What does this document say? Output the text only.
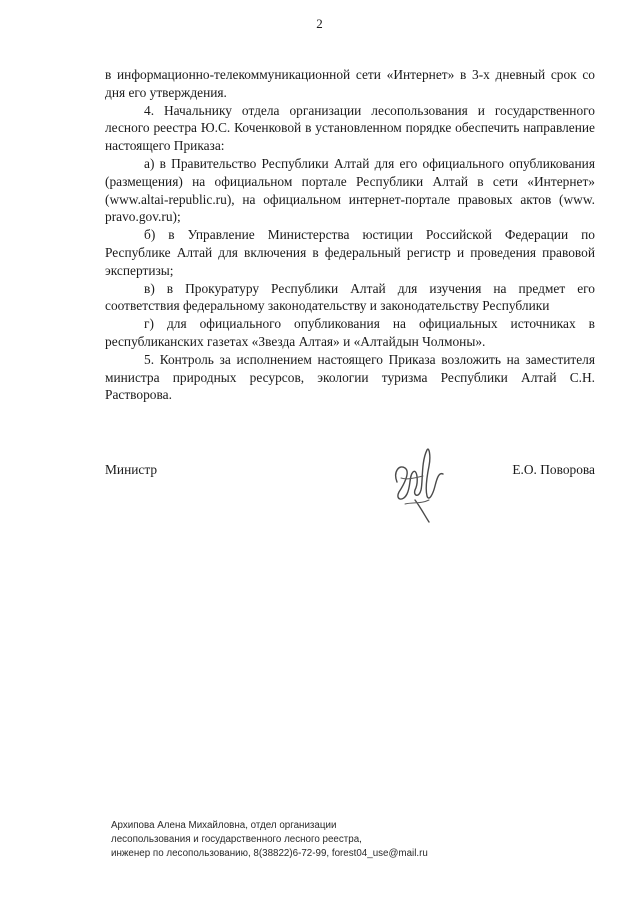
2

в информационно-телекоммуникационной сети «Интернет» в 3-х дневный срок со дня его утверждения.

4. Начальнику отдела организации лесопользования и государственного лесного реестра Ю.С. Коченковой в установленном порядке обеспечить направление настоящего Приказа:

а) в Правительство Республики Алтай для его официального опубликования (размещения) на официальном портале Республики Алтай в сети «Интернет» (www.altai-republic.ru), на официальном интернет-портале правовых актов (www. pravo.gov.ru);

б) в Управление Министерства юстиции Российской Федерации по Республике Алтай для включения в федеральный регистр и проведения правовой экспертизы;

в) в Прокуратуру Республики Алтай для изучения на предмет его соответствия федеральному законодательству и законодательству Республики

г) для официального опубликования на официальных источниках в республиканских газетах «Звезда Алтая» и «Алтайдын Чолмоны».

5. Контроль за исполнением настоящего Приказа возложить на заместителя министра природных ресурсов, экологии туризма Республики Алтай С.Н. Растворова.

Министр	Е.О. Поворова
Архипова Алена Михайловна, отдел организации
лесопользования и государственного лесного реестра,
инженер по лесопользованию, 8(38822)6-72-99, forest04_use@mail.ru
